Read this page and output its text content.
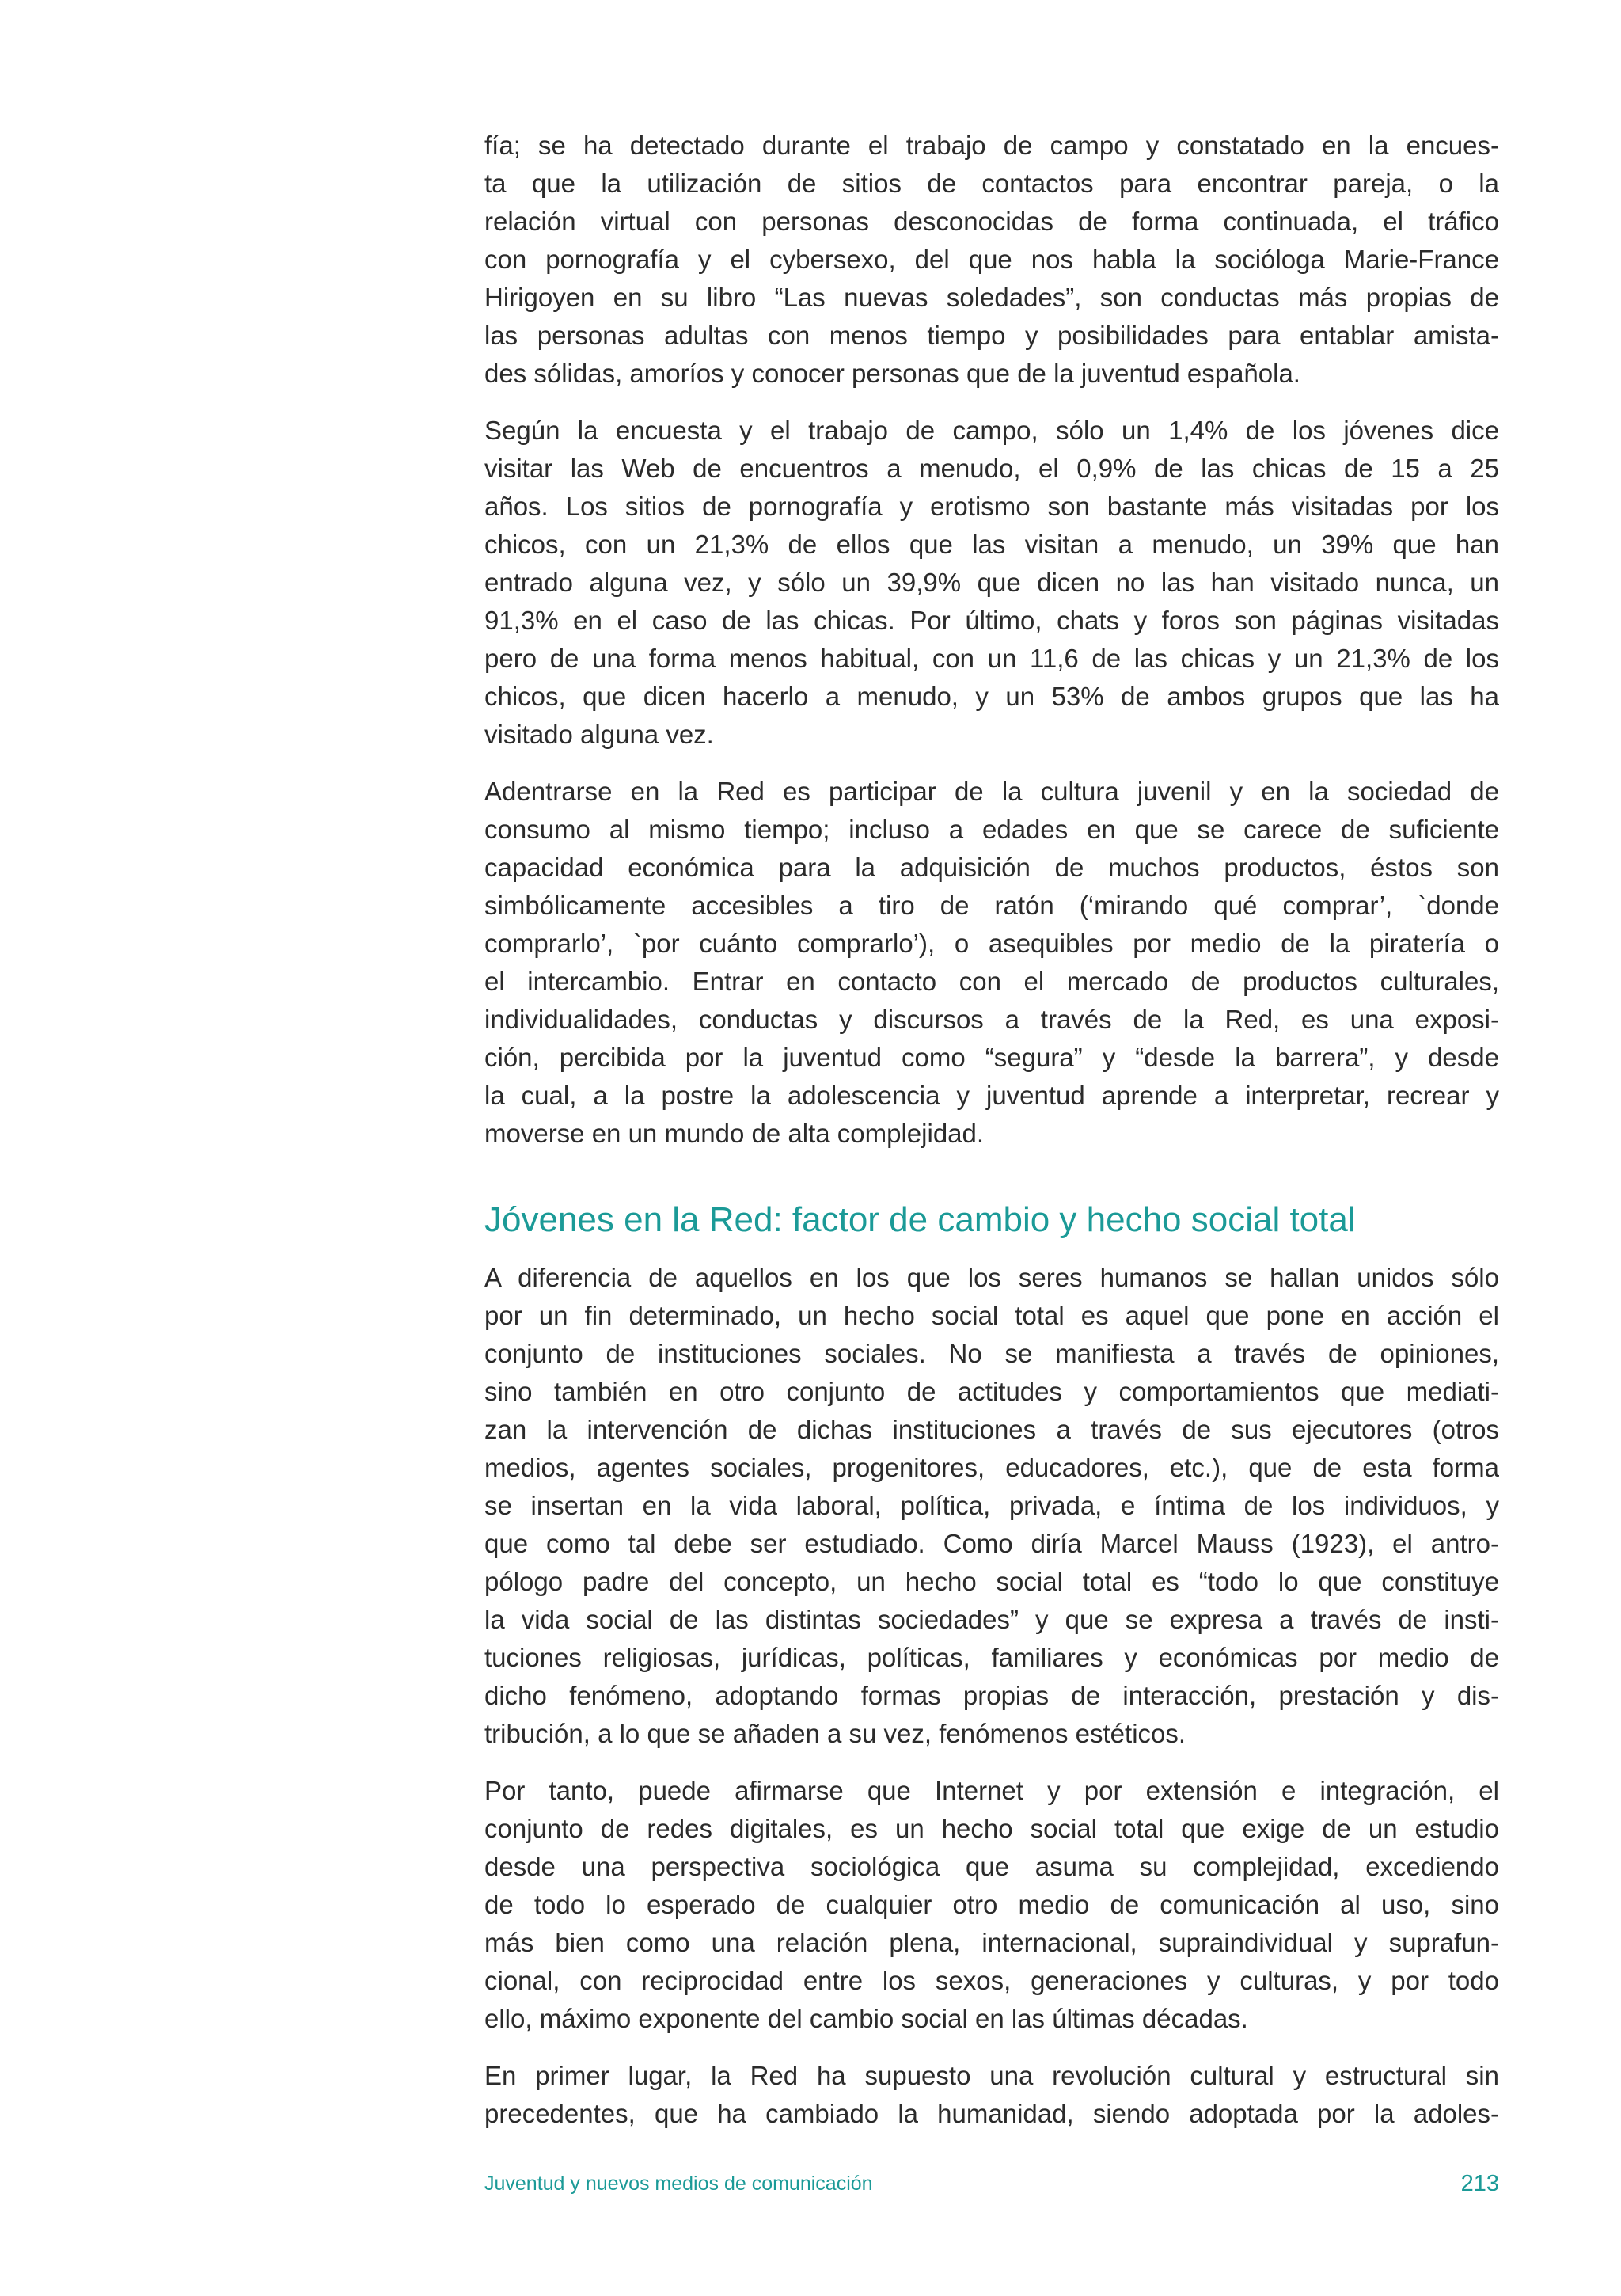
fía; se ha detectado durante el trabajo de campo y constatado en la encues-
ta que la utilización de sitios de contactos para encontrar pareja, o la
relación virtual con personas desconocidas de forma continuada, el tráfico
con pornografía y el cybersexo, del que nos habla la socióloga Marie-France
Hirigoyen en su libro “Las nuevas soledades”, son conductas más propias de
las personas adultas con menos tiempo y posibilidades para entablar amista-
des sólidas, amoríos y conocer personas que de la juventud española.
Según la encuesta y el trabajo de campo, sólo un 1,4% de los jóvenes dice
visitar las Web de encuentros a menudo, el 0,9% de las chicas de 15 a 25
años. Los sitios de pornografía y erotismo son bastante más visitadas por los
chicos, con un 21,3% de ellos que las visitan a menudo, un 39% que han
entrado alguna vez, y sólo un 39,9% que dicen no las han visitado nunca, un
91,3% en el caso de las chicas. Por último, chats y foros son páginas visitadas
pero de una forma menos habitual, con un 11,6 de las chicas y un 21,3% de los
chicos, que dicen hacerlo a menudo, y un 53% de ambos grupos que las ha
visitado alguna vez.
Adentrarse en la Red es participar de la cultura juvenil y en la sociedad de
consumo al mismo tiempo; incluso a edades en que se carece de suficiente
capacidad económica para la adquisición de muchos productos, éstos son
simbólicamente accesibles a tiro de ratón (‘mirando qué comprar’, `donde
comprarlo’, `por cuánto comprarlo’), o asequibles por medio de la piratería o
el intercambio. Entrar en contacto con el mercado de productos culturales,
individualidades, conductas y discursos a través de la Red, es una exposi-
ción, percibida por la juventud como “segura” y “desde la barrera”, y desde
la cual, a la postre la adolescencia y juventud aprende a interpretar, recrear y
moverse en un mundo de alta complejidad.
Jóvenes en la Red: factor de cambio y hecho social total
A diferencia de aquellos en los que los seres humanos se hallan unidos sólo
por un fin determinado, un hecho social total es aquel que pone en acción el
conjunto de instituciones sociales. No se manifiesta a través de opiniones,
sino también en otro conjunto de actitudes y comportamientos que mediati-
zan la intervención de dichas instituciones a través de sus ejecutores (otros
medios, agentes sociales, progenitores, educadores, etc.), que de esta forma
se insertan en la vida laboral, política, privada, e íntima de los individuos, y
que como tal debe ser estudiado. Como diría Marcel Mauss (1923), el antro-
pólogo padre del concepto, un hecho social total es “todo lo que constituye
la vida social de las distintas sociedades” y que se expresa a través de insti-
tuciones religiosas, jurídicas, políticas, familiares y económicas por medio de
dicho fenómeno, adoptando formas propias de interacción, prestación y dis-
tribución, a lo que se añaden a su vez, fenómenos estéticos.
Por tanto, puede afirmarse que Internet y por extensión e integración, el
conjunto de redes digitales, es un hecho social total que exige de un estudio
desde una perspectiva sociológica que asuma su complejidad, excediendo
de todo lo esperado de cualquier otro medio de comunicación al uso, sino
más bien como una relación plena, internacional, supraindividual y suprafun-
cional, con reciprocidad entre los sexos, generaciones y culturas, y por todo
ello, máximo exponente del cambio social en las últimas décadas.
En primer lugar, la Red ha supuesto una revolución cultural y estructural sin
precedentes, que ha cambiado la humanidad, siendo adoptada por la adoles-
Juventud y nuevos medios de comunicación	213
